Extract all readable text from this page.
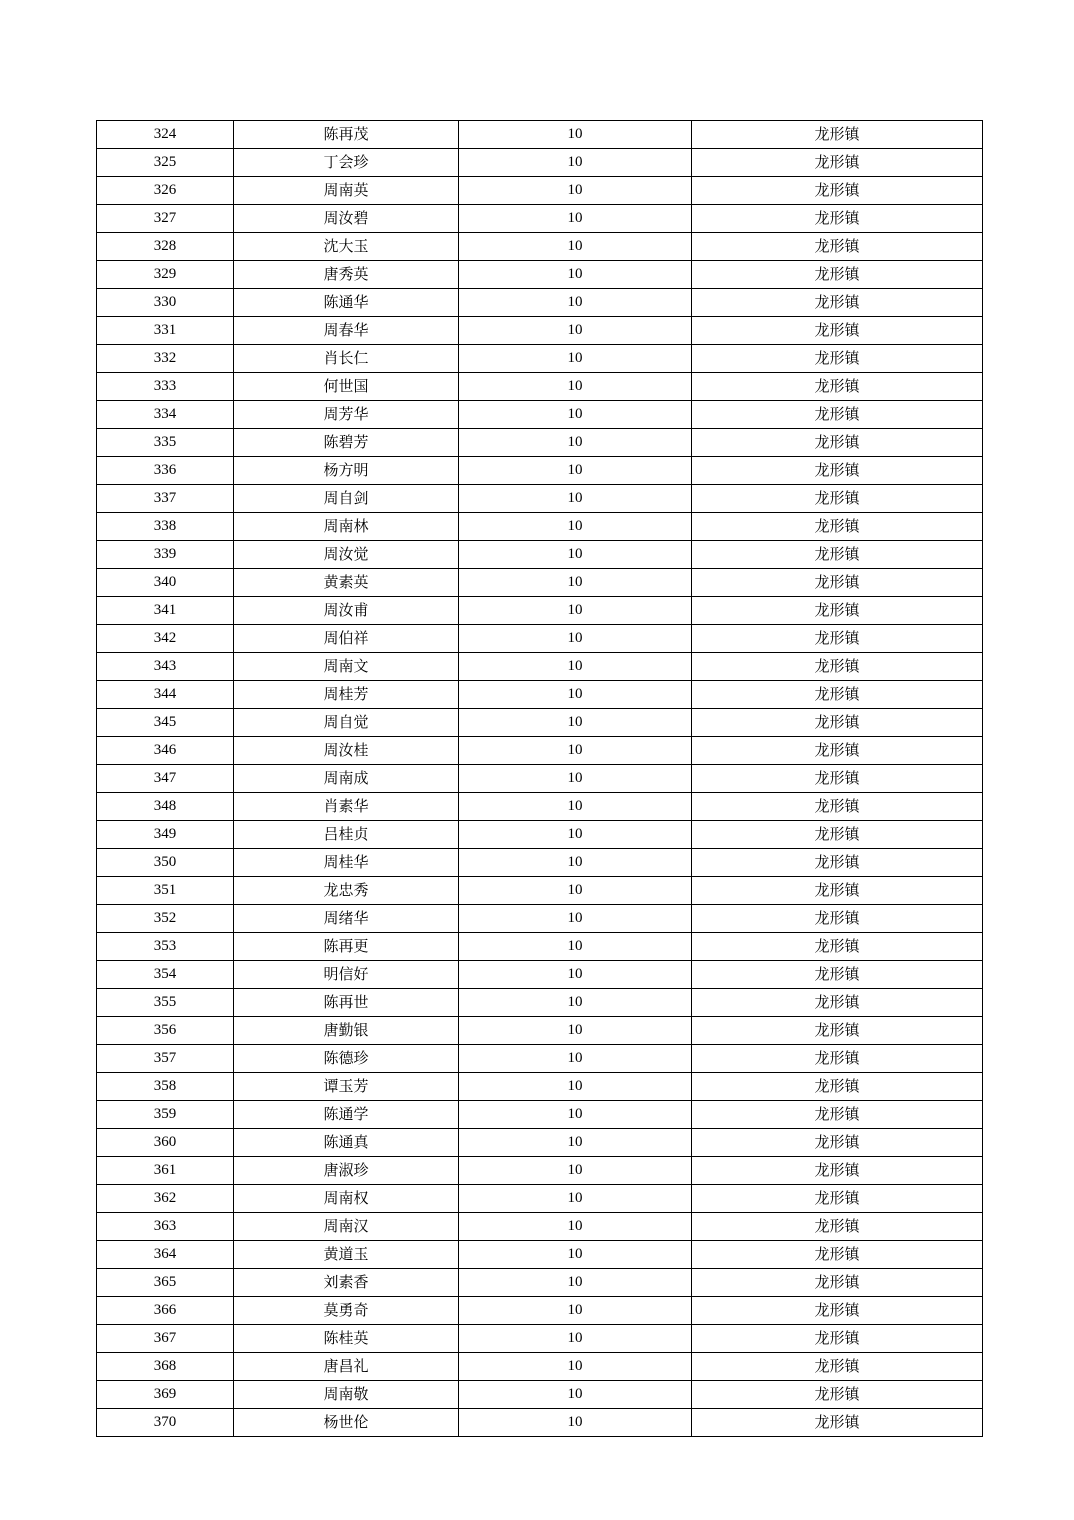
324	陈再茂	10	龙形镇
325	丁会珍	10	龙形镇
326	周南英	10	龙形镇
327	周汝碧	10	龙形镇
328	沈大玉	10	龙形镇
329	唐秀英	10	龙形镇
330	陈通华	10	龙形镇
331	周春华	10	龙形镇
332	肖长仁	10	龙形镇
333	何世国	10	龙形镇
334	周芳华	10	龙形镇
335	陈碧芳	10	龙形镇
336	杨方明	10	龙形镇
337	周自剑	10	龙形镇
338	周南林	10	龙形镇
339	周汝觉	10	龙形镇
340	黄素英	10	龙形镇
341	周汝甫	10	龙形镇
342	周伯祥	10	龙形镇
343	周南文	10	龙形镇
344	周桂芳	10	龙形镇
345	周自觉	10	龙形镇
346	周汝桂	10	龙形镇
347	周南成	10	龙形镇
348	肖素华	10	龙形镇
349	吕桂贞	10	龙形镇
350	周桂华	10	龙形镇
351	龙忠秀	10	龙形镇
352	周绪华	10	龙形镇
353	陈再更	10	龙形镇
354	明信好	10	龙形镇
355	陈再世	10	龙形镇
356	唐勤银	10	龙形镇
357	陈德珍	10	龙形镇
358	谭玉芳	10	龙形镇
359	陈通学	10	龙形镇
360	陈通真	10	龙形镇
361	唐淑珍	10	龙形镇
362	周南权	10	龙形镇
363	周南汉	10	龙形镇
364	黄道玉	10	龙形镇
365	刘素香	10	龙形镇
366	莫勇奇	10	龙形镇
367	陈桂英	10	龙形镇
368	唐昌礼	10	龙形镇
369	周南敬	10	龙形镇
370	杨世伦	10	龙形镇
